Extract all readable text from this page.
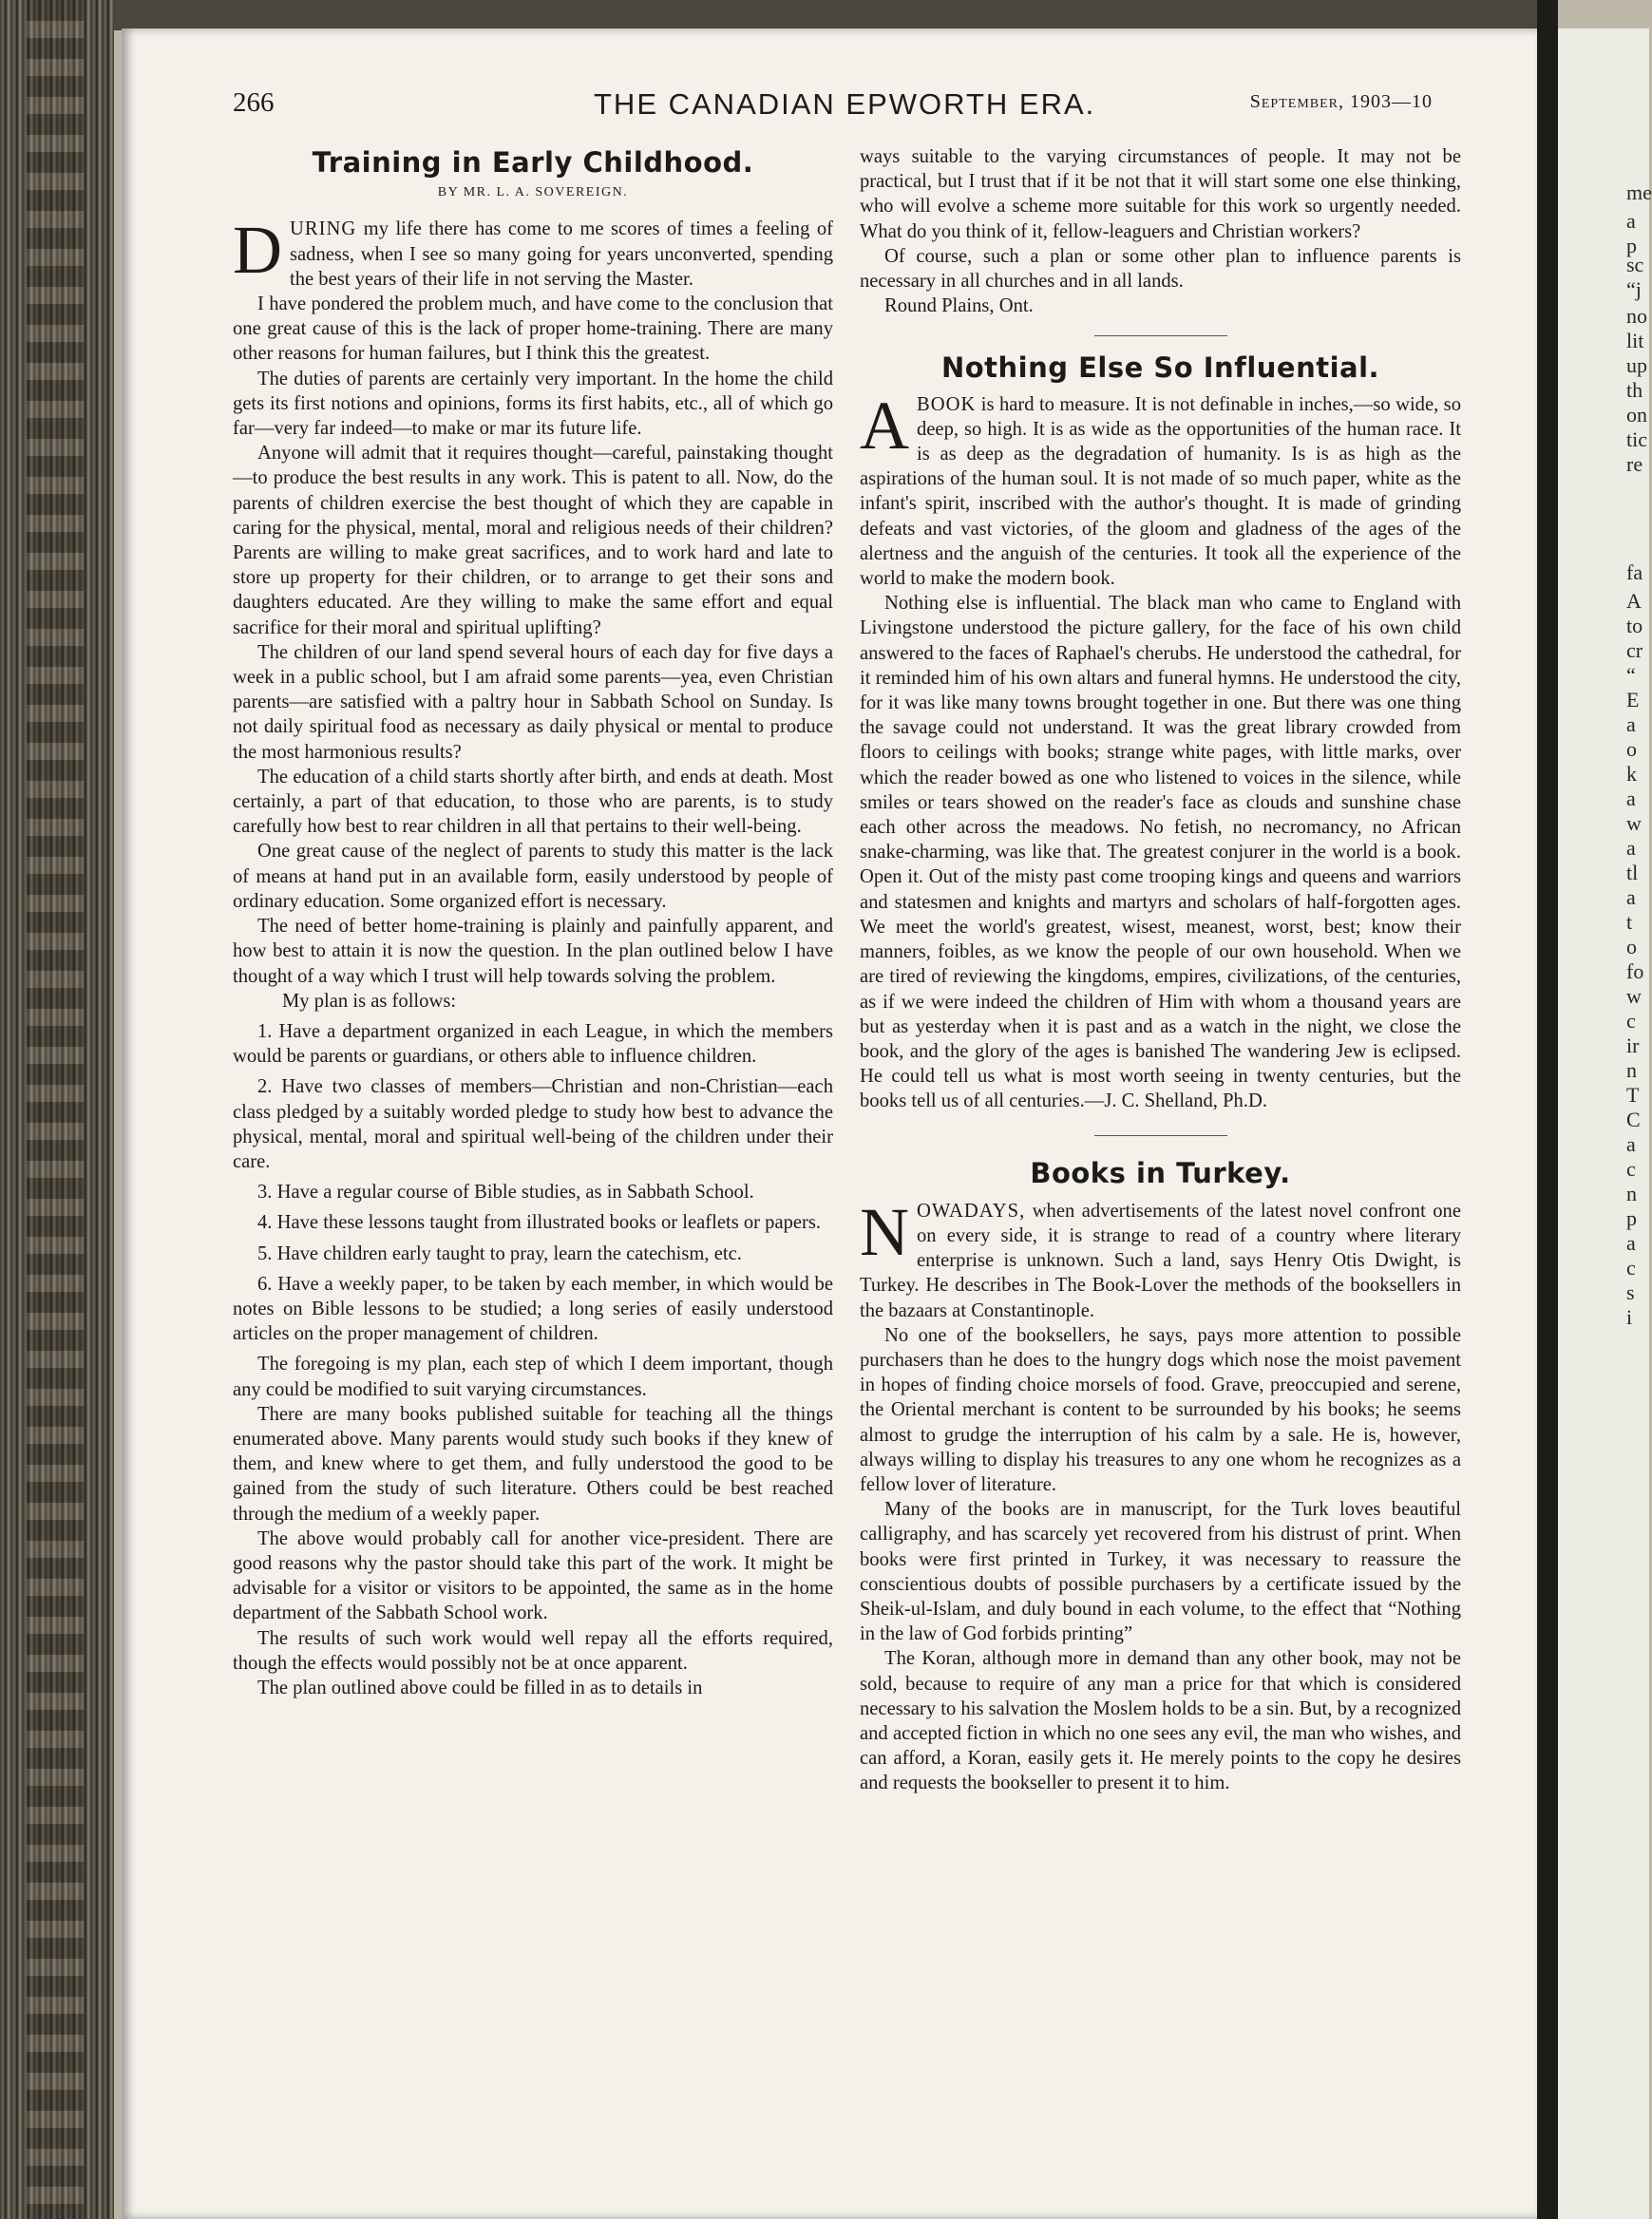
266	THE CANADIAN EPWORTH ERA.	September, 1903—10
Training in Early Childhood.
BY MR. L. A. SOVEREIGN.

DURING my life there has come to me scores of times a feeling of sadness, when I see so many going for years unconverted, spending the best years of their life in not serving the Master.

I have pondered the problem much, and have come to the conclusion that one great cause of this is the lack of proper home-training. There are many other reasons for human failures, but I think this the greatest.

The duties of parents are certainly very important. In the home the child gets its first notions and opinions, forms its first habits, etc., all of which go far—very far indeed—to make or mar its future life.

Anyone will admit that it requires thought—careful, painstaking thought—to produce the best results in any work. This is patent to all. Now, do the parents of children exercise the best thought of which they are capable in caring for the physical, mental, moral and religious needs of their children? Parents are willing to make great sacrifices, and to work hard and late to store up property for their children, or to arrange to get their sons and daughters educated. Are they willing to make the same effort and equal sacrifice for their moral and spiritual uplifting?

The children of our land spend several hours of each day for five days a week in a public school, but I am afraid some parents—yea, even Christian parents—are satisfied with a paltry hour in Sabbath School on Sunday. Is not daily spiritual food as necessary as daily physical or mental to produce the most harmonious results?

The education of a child starts shortly after birth, and ends at death. Most certainly, a part of that education, to those who are parents, is to study carefully how best to rear children in all that pertains to their well-being.

One great cause of the neglect of parents to study this matter is the lack of means at hand put in an available form, easily understood by people of ordinary education. Some organized effort is necessary.

The need of better home-training is plainly and painfully apparent, and how best to attain it is now the question. In the plan outlined below I have thought of a way which I trust will help towards solving the problem.

My plan is as follows:

1. Have a department organized in each League, in which the members would be parents or guardians, or others able to influence children.

2. Have two classes of members—Christian and non-Christian—each class pledged by a suitably worded pledge to study how best to advance the physical, mental, moral and spiritual well-being of the children under their care.

3. Have a regular course of Bible studies, as in Sabbath School.

4. Have these lessons taught from illustrated books or leaflets or papers.

5. Have children early taught to pray, learn the catechism, etc.

6. Have a weekly paper, to be taken by each member, in which would be notes on Bible lessons to be studied; a long series of easily understood articles on the proper management of children.

The foregoing is my plan, each step of which I deem important, though any could be modified to suit varying circumstances.

There are many books published suitable for teaching all the things enumerated above. Many parents would study such books if they knew of them, and knew where to get them, and fully understood the good to be gained from the study of such literature. Others could be best reached through the medium of a weekly paper.

The above would probably call for another vice-president. There are good reasons why the pastor should take this part of the work. It might be advisable for a visitor or visitors to be appointed, the same as in the home department of the Sabbath School work.

The results of such work would well repay all the efforts required, though the effects would possibly not be at once apparent.

The plan outlined above could be filled in as to details in

ways suitable to the varying circumstances of people. It may not be practical, but I trust that if it be not that it will start some one else thinking, who will evolve a scheme more suitable for this work so urgently needed. What do you think of it, fellow-leaguers and Christian workers?

Of course, such a plan or some other plan to influence parents is necessary in all churches and in all lands.

Round Plains, Ont.

Nothing Else So Influential.

ABOOK is hard to measure. It is not definable in inches,—so wide, so deep, so high. It is as wide as the opportunities of the human race. It is as deep as the degradation of humanity. Is is as high as the aspirations of the human soul. It is not made of so much paper, white as the infant's spirit, inscribed with the author's thought. It is made of grinding defeats and vast victories, of the gloom and gladness of the ages of the alertness and the anguish of the centuries. It took all the experience of the world to make the modern book.

Nothing else is influential. The black man who came to England with Livingstone understood the picture gallery, for the face of his own child answered to the faces of Raphael's cherubs. He understood the cathedral, for it reminded him of his own altars and funeral hymns. He understood the city, for it was like many towns brought together in one. But there was one thing the savage could not understand. It was the great library crowded from floors to ceilings with books; strange white pages, with little marks, over which the reader bowed as one who listened to voices in the silence, while smiles or tears showed on the reader's face as clouds and sunshine chase each other across the meadows. No fetish, no necromancy, no African snake-charming, was like that. The greatest conjurer in the world is a book. Open it. Out of the misty past come trooping kings and queens and warriors and statesmen and knights and martyrs and scholars of half-forgotten ages. We meet the world's greatest, wisest, meanest, worst, best; know their manners, foibles, as we know the people of our own household. When we are tired of reviewing the kingdoms, empires, civilizations, of the centuries, as if we were indeed the children of Him with whom a thousand years are but as yesterday when it is past and as a watch in the night, we close the book, and the glory of the ages is banished The wandering Jew is eclipsed. He could tell us what is most worth seeing in twenty centuries, but the books tell us of all centuries.—J. C. Shelland, Ph.D.

Books in Turkey.

NOWADAYS, when advertisements of the latest novel confront one on every side, it is strange to read of a country where literary enterprise is unknown. Such a land, says Henry Otis Dwight, is Turkey. He describes in The Book-Lover the methods of the booksellers in the bazaars at Constantinople.

No one of the booksellers, he says, pays more attention to possible purchasers than he does to the hungry dogs which nose the moist pavement in hopes of finding choice morsels of food. Grave, preoccupied and serene, the Oriental merchant is content to be surrounded by his books; he seems almost to grudge the interruption of his calm by a sale. He is, however, always willing to display his treasures to any one whom he recognizes as a fellow lover of literature.

Many of the books are in manuscript, for the Turk loves beautiful calligraphy, and has scarcely yet recovered from his distrust of print. When books were first printed in Turkey, it was necessary to reassure the conscientious doubts of possible purchasers by a certificate issued by the Sheik-ul-Islam, and duly bound in each volume, to the effect that “Nothing in the law of God forbids printing”

The Koran, although more in demand than any other book, may not be sold, because to require of any man a price for that which is considered necessary to his salvation the Moslem holds to be a sin. But, by a recognized and accepted fiction in which no one sees any evil, the man who wishes, and can afford, a Koran, easily gets it. He merely points to the copy he desires and requests the bookseller to present it to him.

me
a p
sc
“j
no
lit
up
th
on
tic
re
fa
A
to
cr
“
E
a
o
k
a
w
a
tl
a
t
o
fo
w
c
ir
n
T
C
a
c
n
p
a
c
s
i
